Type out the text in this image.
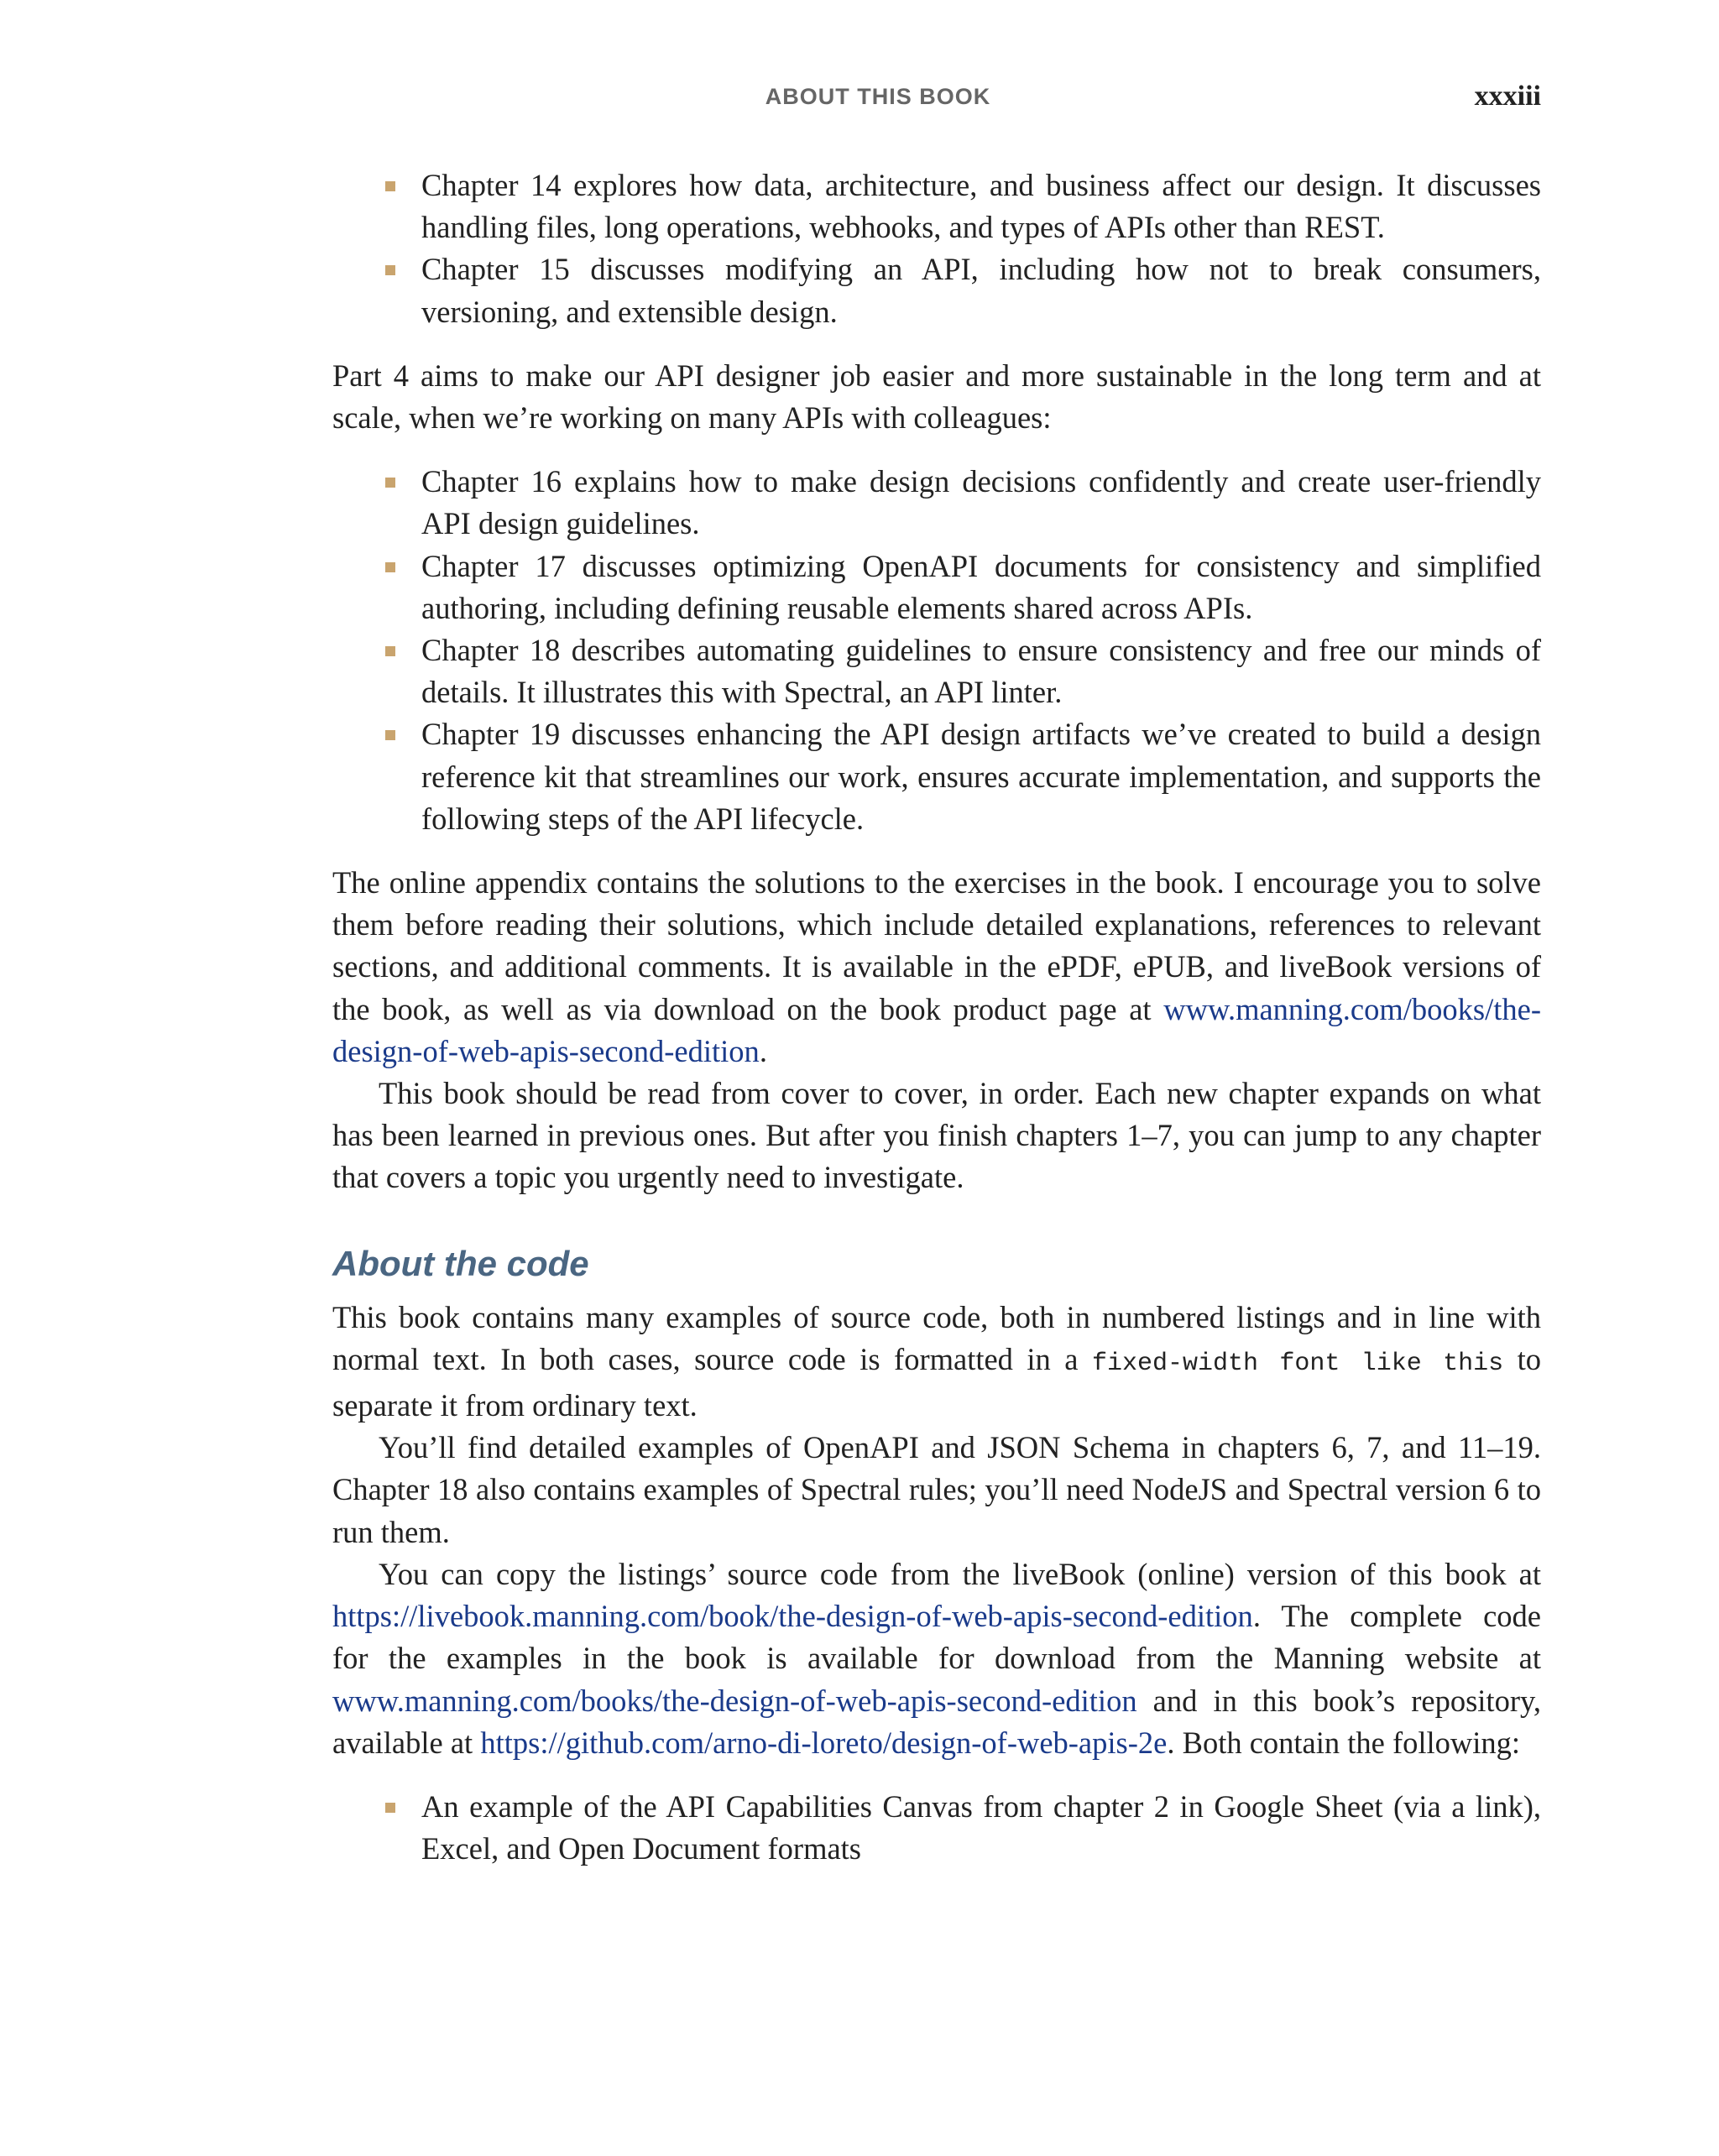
ABOUT THIS BOOK	xxxiii
Chapter 14 explores how data, architecture, and business affect our design. It discusses handling files, long operations, webhooks, and types of APIs other than REST.
Chapter 15 discusses modifying an API, including how not to break consumers, versioning, and extensible design.

Part 4 aims to make our API designer job easier and more sustainable in the long term and at scale, when we’re working on many APIs with colleagues:

Chapter 16 explains how to make design decisions confidently and create user-friendly API design guidelines.
Chapter 17 discusses optimizing OpenAPI documents for consistency and simplified authoring, including defining reusable elements shared across APIs.
Chapter 18 describes automating guidelines to ensure consistency and free our minds of details. It illustrates this with Spectral, an API linter.
Chapter 19 discusses enhancing the API design artifacts we’ve created to build a design reference kit that streamlines our work, ensures accurate implementation, and supports the following steps of the API lifecycle.

The online appendix contains the solutions to the exercises in the book. I encourage you to solve them before reading their solutions, which include detailed explanations, references to relevant sections, and additional comments. It is available in the ePDF, ePUB, and liveBook versions of the book, as well as via download on the book product page at www.manning.com/books/the-design-of-web-apis-second-edition.

This book should be read from cover to cover, in order. Each new chapter expands on what has been learned in previous ones. But after you finish chapters 1–7, you can jump to any chapter that covers a topic you urgently need to investigate.

About the code

This book contains many examples of source code, both in numbered listings and in line with normal text. In both cases, source code is formatted in a fixed-width font like this to separate it from ordinary text.

You’ll find detailed examples of OpenAPI and JSON Schema in chapters 6, 7, and 11–19. Chapter 18 also contains examples of Spectral rules; you’ll need NodeJS and Spectral version 6 to run them.

You can copy the listings’ source code from the liveBook (online) version of this book at https://livebook.manning.com/book/the-design-of-web-apis-second-edition. The complete code for the examples in the book is available for download from the Manning website at www.manning.com/books/the-design-of-web-apis-second-edition and in this book’s repository, available at https://github.com/arno-di-loreto/design-of-web-apis-2e. Both contain the following:

An example of the API Capabilities Canvas from chapter 2 in Google Sheet (via a link), Excel, and Open Document formats
